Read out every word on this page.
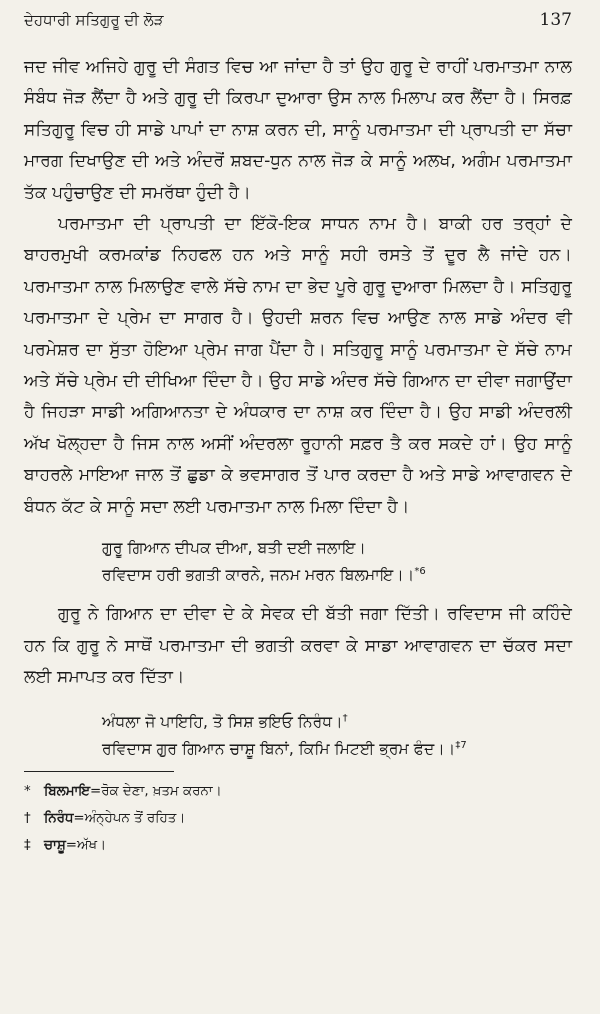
ਦੇਹਧਾਰੀ ਸਤਿਗੁਰੂ ਦੀ ਲੋੜ	137

ਜਦ ਜੀਵ ਅਜਿਹੇ ਗੁਰੂ ਦੀ ਸੰਗਤ ਵਿਚ ਆ ਜਾਂਦਾ ਹੈ ਤਾਂ ਉਹ ਗੁਰੂ ਦੇ ਰਾਹੀਂ ਪਰਮਾਤਮਾ ਨਾਲ ਸੰਬੰਧ ਜੋੜ ਲੈਂਦਾ ਹੈ ਅਤੇ ਗੁਰੂ ਦੀ ਕਿਰਪਾ ਦੁਆਰਾ ਉਸ ਨਾਲ ਮਿਲਾਪ ਕਰ ਲੈਂਦਾ ਹੈ। ਸਿਰਫ਼ ਸਤਿਗੁਰੂ ਵਿਚ ਹੀ ਸਾਡੇ ਪਾਪਾਂ ਦਾ ਨਾਸ਼ ਕਰਨ ਦੀ, ਸਾਨੂੰ ਪਰਮਾਤਮਾ ਦੀ ਪ੍ਰਾਪਤੀ ਦਾ ਸੱਚਾ ਮਾਰਗ ਦਿਖਾਉਣ ਦੀ ਅਤੇ ਅੰਦਰੋਂ ਸ਼ਬਦ-ਧੁਨ ਨਾਲ ਜੋੜ ਕੇ ਸਾਨੂੰ ਅਲਖ, ਅਗੰਮ ਪਰਮਾਤਮਾ ਤੱਕ ਪਹੁੰਚਾਉਣ ਦੀ ਸਮਰੱਥਾ ਹੁੰਦੀ ਹੈ।

ਪਰਮਾਤਮਾ ਦੀ ਪ੍ਰਾਪਤੀ ਦਾ ਇੱਕੋ-ਇਕ ਸਾਧਨ ਨਾਮ ਹੈ। ਬਾਕੀ ਹਰ ਤਰ੍ਹਾਂ ਦੇ ਬਾਹਰਮੁਖੀ ਕਰਮਕਾਂਡ ਨਿਹਫਲ ਹਨ ਅਤੇ ਸਾਨੂੰ ਸਹੀ ਰਸਤੇ ਤੋਂ ਦੂਰ ਲੈ ਜਾਂਦੇ ਹਨ। ਪਰਮਾਤਮਾ ਨਾਲ ਮਿਲਾਉਣ ਵਾਲੇ ਸੱਚੇ ਨਾਮ ਦਾ ਭੇਦ ਪੂਰੇ ਗੁਰੂ ਦੁਆਰਾ ਮਿਲਦਾ ਹੈ। ਸਤਿਗੁਰੂ ਪਰਮਾਤਮਾ ਦੇ ਪ੍ਰੇਮ ਦਾ ਸਾਗਰ ਹੈ। ਉਹਦੀ ਸ਼ਰਨ ਵਿਚ ਆਉਣ ਨਾਲ ਸਾਡੇ ਅੰਦਰ ਵੀ ਪਰਮੇਸ਼ਰ ਦਾ ਸੁੱਤਾ ਹੋਇਆ ਪ੍ਰੇਮ ਜਾਗ ਪੈਂਦਾ ਹੈ। ਸਤਿਗੁਰੂ ਸਾਨੂੰ ਪਰਮਾਤਮਾ ਦੇ ਸੱਚੇ ਨਾਮ ਅਤੇ ਸੱਚੇ ਪ੍ਰੇਮ ਦੀ ਦੀਖਿਆ ਦਿੰਦਾ ਹੈ। ਉਹ ਸਾਡੇ ਅੰਦਰ ਸੱਚੇ ਗਿਆਨ ਦਾ ਦੀਵਾ ਜਗਾਉਂਦਾ ਹੈ ਜਿਹੜਾ ਸਾਡੀ ਅਗਿਆਨਤਾ ਦੇ ਅੰਧਕਾਰ ਦਾ ਨਾਸ਼ ਕਰ ਦਿੰਦਾ ਹੈ। ਉਹ ਸਾਡੀ ਅੰਦਰਲੀ ਅੱਖ ਖੋਲ੍ਹਦਾ ਹੈ ਜਿਸ ਨਾਲ ਅਸੀਂ ਅੰਦਰਲਾ ਰੂਹਾਨੀ ਸਫ਼ਰ ਤੈ ਕਰ ਸਕਦੇ ਹਾਂ। ਉਹ ਸਾਨੂੰ ਬਾਹਰਲੇ ਮਾਇਆ ਜਾਲ ਤੋਂ ਛੁਡਾ ਕੇ ਭਵਸਾਗਰ ਤੋਂ ਪਾਰ ਕਰਦਾ ਹੈ ਅਤੇ ਸਾਡੇ ਆਵਾਗਵਨ ਦੇ ਬੰਧਨ ਕੱਟ ਕੇ ਸਾਨੂੰ ਸਦਾ ਲਈ ਪਰਮਾਤਮਾ ਨਾਲ ਮਿਲਾ ਦਿੰਦਾ ਹੈ।

ਗੁਰੂ ਗਿਆਨ ਦੀਪਕ ਦੀਆ, ਬਤੀ ਦਈ ਜਲਾਇ।

ਰਵਿਦਾਸ ਹਰੀ ਭਗਤੀ ਕਾਰਨੇ, ਜਨਮ ਮਰਨ ਬਿਲਮਾਇ।।$^{*6}$

ਗੁਰੂ ਨੇ ਗਿਆਨ ਦਾ ਦੀਵਾ ਦੇ ਕੇ ਸੇਵਕ ਦੀ ਬੱਤੀ ਜਗਾ ਦਿੱਤੀ। ਰਵਿਦਾਸ ਜੀ ਕਹਿੰਦੇ ਹਨ ਕਿ ਗੁਰੂ ਨੇ ਸਾਥੋਂ ਪਰਮਾਤਮਾ ਦੀ ਭਗਤੀ ਕਰਵਾ ਕੇ ਸਾਡਾ ਆਵਾਗਵਨ ਦਾ ਚੱਕਰ ਸਦਾ ਲਈ ਸਮਾਪਤ ਕਰ ਦਿੱਤਾ।

ਅੰਧਲਾ ਜੋ ਪਾਇਹਿ, ਤੋ ਸਿਸ਼ ਭਇਓ ਨਿਰੰਧ।†

ਰਵਿਦਾਸ ਗੁਰ ਗਿਆਨ ਚਾਸ਼ੂ ਬਿਨਾਂ, ਕਿਮਿ ਮਿਟਈ ਭ੍ਰਮ ਫੰਦ।।$^{\ddagger 7}$

* ਬਿਲਮਾਇ=ਰੋਕ ਦੇਣਾ, ਖ਼ਤਮ ਕਰਨਾ।

† ਨਿਰੰਧ=ਅੰਨ੍ਹੇਪਨ ਤੋਂ ਰਹਿਤ।

‡ ਚਾਸ਼ੂ=ਅੱਖ।
